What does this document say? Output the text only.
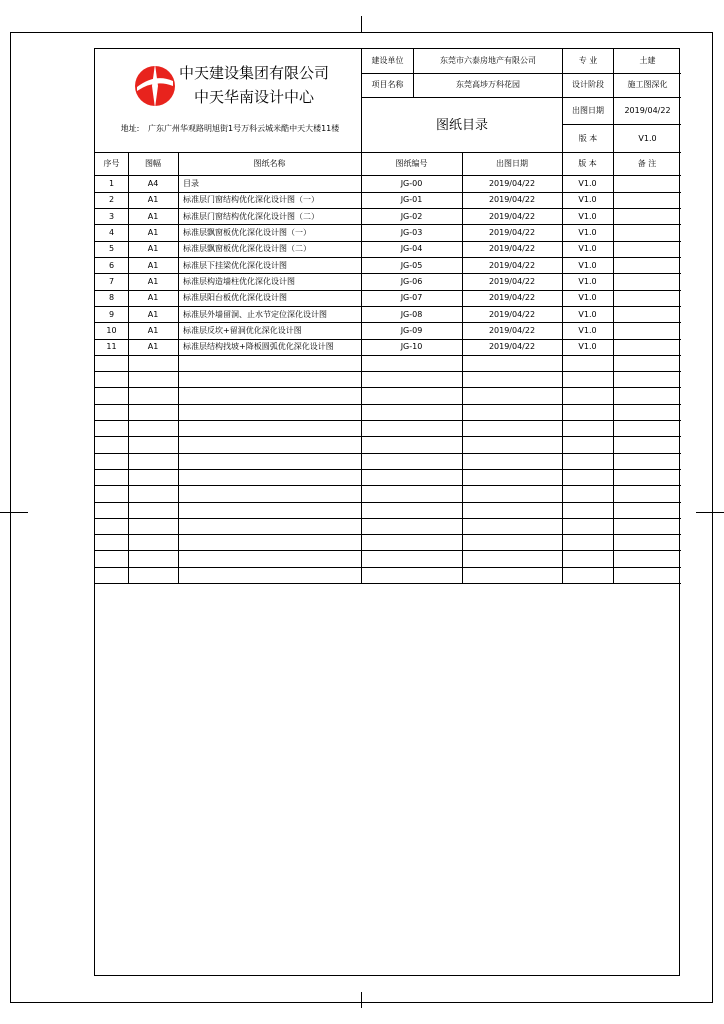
中天建设集团有限公司
中天华南设计中心
地址:	广东广州华观路明旭街1号万科云城米酷中天大楼11楼
建设单位	东莞市六泰房地产有限公司
项目名称	东莞高埗万科花园
图纸目录
专 业	土建
设计阶段	施工图深化
出图日期	2019/04/22
版 本	V1.0
序号	图幅	图纸名称	图纸编号	出图日期	版 本	备 注
1	A4	目录	JG-00	2019/04/22	V1.0
2	A1	标准层门窗结构优化深化设计图（一）	JG-01	2019/04/22	V1.0
3	A1	标准层门窗结构优化深化设计图（二）	JG-02	2019/04/22	V1.0
4	A1	标准层飘窗板优化深化设计图（一）	JG-03	2019/04/22	V1.0
5	A1	标准层飘窗板优化深化设计图（二）	JG-04	2019/04/22	V1.0
6	A1	标准层下挂梁优化深化设计图	JG-05	2019/04/22	V1.0
7	A1	标准层构造墙柱优化深化设计图	JG-06	2019/04/22	V1.0
8	A1	标准层阳台板优化深化设计图	JG-07	2019/04/22	V1.0
9	A1	标准层外墙留洞、止水节定位深化设计图	JG-08	2019/04/22	V1.0
10	A1	标准层反坎+留洞优化深化设计图	JG-09	2019/04/22	V1.0
11	A1	标准层结构找坡+降板圆弧优化深化设计图	JG-10	2019/04/22	V1.0
